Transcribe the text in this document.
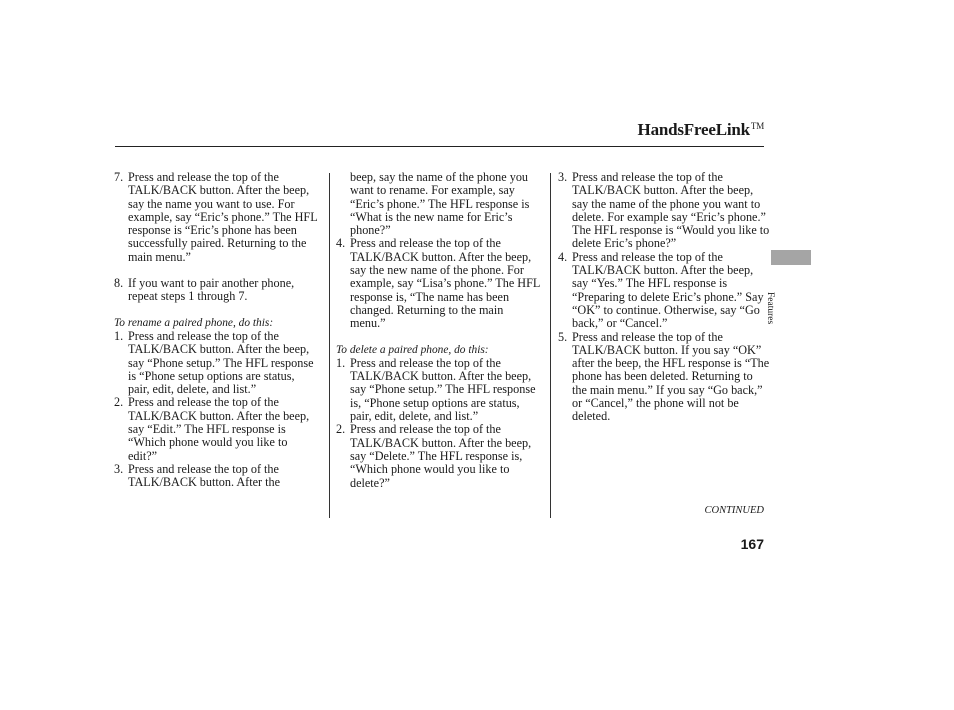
HandsFreeLink™
7. Press and release the top of the TALK/BACK button. After the beep, say the name you want to use. For example, say “Eric’s phone.” The HFL response is “Eric’s phone has been successfully paired. Returning to the main menu.”
8. If you want to pair another phone, repeat steps 1 through 7.
To rename a paired phone, do this:
1. Press and release the top of the TALK/BACK button. After the beep, say “Phone setup.” The HFL response is “Phone setup options are status, pair, edit, delete, and list.”
2. Press and release the top of the TALK/BACK button. After the beep, say “Edit.” The HFL response is “Which phone would you like to edit?”
3. Press and release the top of the TALK/BACK button. After the
beep, say the name of the phone you want to rename. For example, say “Eric’s phone.” The HFL response is “What is the new name for Eric’s phone?”
4. Press and release the top of the TALK/BACK button. After the beep, say the new name of the phone. For example, say “Lisa’s phone.” The HFL response is, “The name has been changed. Returning to the main menu.”
To delete a paired phone, do this:
1. Press and release the top of the TALK/BACK button. After the beep, say “Phone setup.” The HFL response is, “Phone setup options are status, pair, edit, delete, and list.”
2. Press and release the top of the TALK/BACK button. After the beep, say “Delete.” The HFL response is, “Which phone would you like to delete?”
3. Press and release the top of the TALK/BACK button. After the beep, say the name of the phone you want to delete. For example say “Eric’s phone.” The HFL response is “Would you like to delete Eric’s phone?”
4. Press and release the top of the TALK/BACK button. After the beep, say “Yes.” The HFL response is “Preparing to delete Eric’s phone.” Say “OK” to continue. Otherwise, say “Go back,” or “Cancel.”
5. Press and release the top of the TALK/BACK button. If you say “OK” after the beep, the HFL response is “The phone has been deleted. Returning to the main menu.” If you say “Go back,” or “Cancel,” the phone will not be deleted.
Features
CONTINUED
167
